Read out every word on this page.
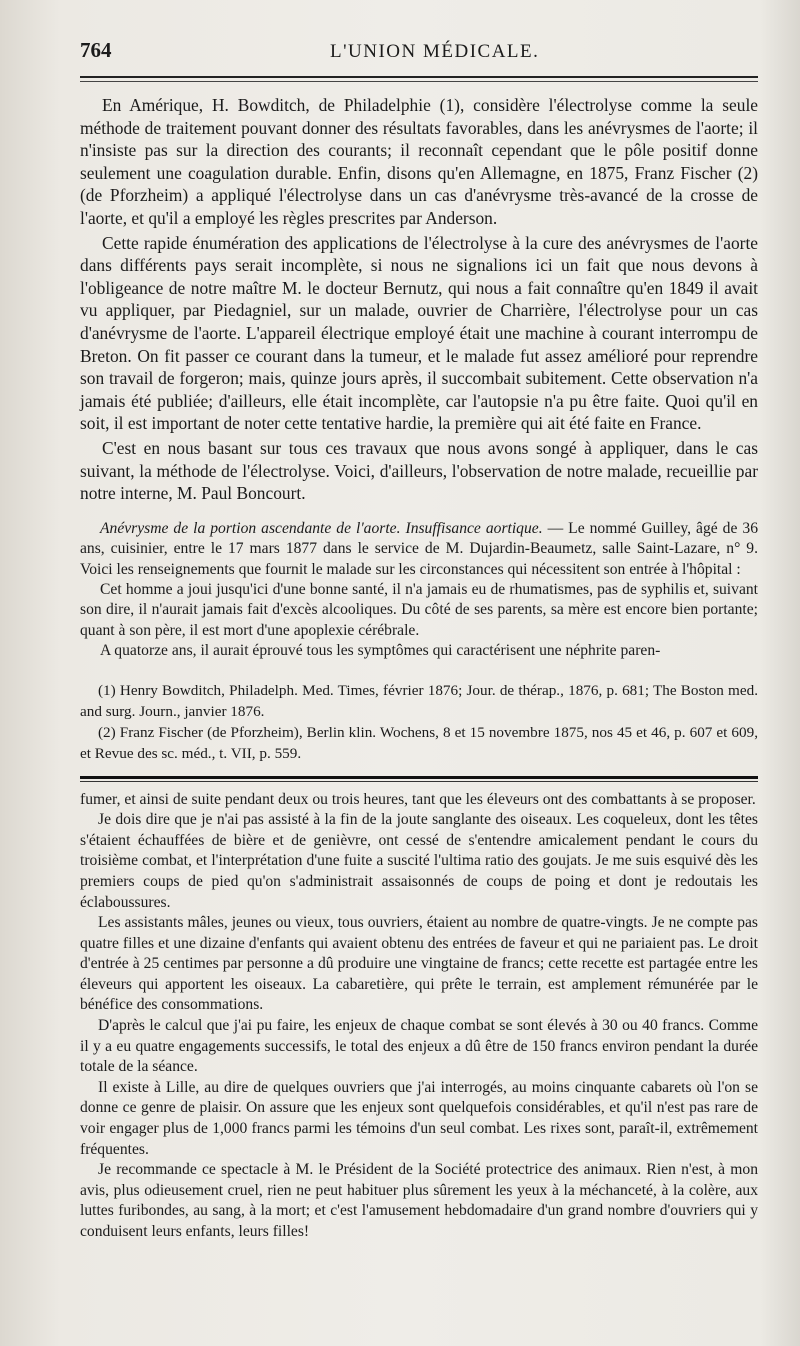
764	L'UNION MÉDICALE.

En Amérique, H. Bowditch, de Philadelphie (1), considère l'électrolyse comme la seule méthode de traitement pouvant donner des résultats favorables, dans les anévrysmes de l'aorte; il n'insiste pas sur la direction des courants; il reconnaît cependant que le pôle positif donne seulement une coagulation durable. Enfin, disons qu'en Allemagne, en 1875, Franz Fischer (2) (de Pforzheim) a appliqué l'électrolyse dans un cas d'anévrysme très-avancé de la crosse de l'aorte, et qu'il a employé les règles prescrites par Anderson.

Cette rapide énumération des applications de l'électrolyse à la cure des anévrysmes de l'aorte dans différents pays serait incomplète, si nous ne signalions ici un fait que nous devons à l'obligeance de notre maître M. le docteur Bernutz, qui nous a fait connaître qu'en 1849 il avait vu appliquer, par Piedagniel, sur un malade, ouvrier de Charrière, l'électrolyse pour un cas d'anévrysme de l'aorte. L'appareil électrique employé était une machine à courant interrompu de Breton. On fit passer ce courant dans la tumeur, et le malade fut assez amélioré pour reprendre son travail de forgeron; mais, quinze jours après, il succombait subitement. Cette observation n'a jamais été publiée; d'ailleurs, elle était incomplète, car l'autopsie n'a pu être faite. Quoi qu'il en soit, il est important de noter cette tentative hardie, la première qui ait été faite en France.

C'est en nous basant sur tous ces travaux que nous avons songé à appliquer, dans le cas suivant, la méthode de l'électrolyse. Voici, d'ailleurs, l'observation de notre malade, recueillie par notre interne, M. Paul Boncourt.

Anévrysme de la portion ascendante de l'aorte. Insuffisance aortique. — Le nommé Guilley, âgé de 36 ans, cuisinier, entre le 17 mars 1877 dans le service de M. Dujardin-Beaumetz, salle Saint-Lazare, n° 9. Voici les renseignements que fournit le malade sur les circonstances qui nécessitent son entrée à l'hôpital :

Cet homme a joui jusqu'ici d'une bonne santé, il n'a jamais eu de rhumatismes, pas de syphilis et, suivant son dire, il n'aurait jamais fait d'excès alcooliques. Du côté de ses parents, sa mère est encore bien portante; quant à son père, il est mort d'une apoplexie cérébrale.

A quatorze ans, il aurait éprouvé tous les symptômes qui caractérisent une néphrite paren-

(1) Henry Bowditch, Philadelph. Med. Times, février 1876; Jour. de thérap., 1876, p. 681; The Boston med. and surg. Journ., janvier 1876.

(2) Franz Fischer (de Pforzheim), Berlin klin. Wochens, 8 et 15 novembre 1875, nos 45 et 46, p. 607 et 609, et Revue des sc. méd., t. VII, p. 559.

fumer, et ainsi de suite pendant deux ou trois heures, tant que les éleveurs ont des combattants à se proposer.

Je dois dire que je n'ai pas assisté à la fin de la joute sanglante des oiseaux. Les coqueleux, dont les têtes s'étaient échauffées de bière et de genièvre, ont cessé de s'entendre amicalement pendant le cours du troisième combat, et l'interprétation d'une fuite a suscité l'ultima ratio des goujats. Je me suis esquivé dès les premiers coups de pied qu'on s'administrait assaisonnés de coups de poing et dont je redoutais les éclaboussures.

Les assistants mâles, jeunes ou vieux, tous ouvriers, étaient au nombre de quatre-vingts. Je ne compte pas quatre filles et une dizaine d'enfants qui avaient obtenu des entrées de faveur et qui ne pariaient pas. Le droit d'entrée à 25 centimes par personne a dû produire une vingtaine de francs; cette recette est partagée entre les éleveurs qui apportent les oiseaux. La cabaretière, qui prête le terrain, est amplement rémunérée par le bénéfice des consommations.

D'après le calcul que j'ai pu faire, les enjeux de chaque combat se sont élevés à 30 ou 40 francs. Comme il y a eu quatre engagements successifs, le total des enjeux a dû être de 150 francs environ pendant la durée totale de la séance.

Il existe à Lille, au dire de quelques ouvriers que j'ai interrogés, au moins cinquante cabarets où l'on se donne ce genre de plaisir. On assure que les enjeux sont quelquefois considérables, et qu'il n'est pas rare de voir engager plus de 1,000 francs parmi les témoins d'un seul combat. Les rixes sont, paraît-il, extrêmement fréquentes.

Je recommande ce spectacle à M. le Président de la Société protectrice des animaux. Rien n'est, à mon avis, plus odieusement cruel, rien ne peut habituer plus sûrement les yeux à la méchanceté, à la colère, aux luttes furibondes, au sang, à la mort; et c'est l'amusement hebdomadaire d'un grand nombre d'ouvriers qui y conduisent leurs enfants, leurs filles!
